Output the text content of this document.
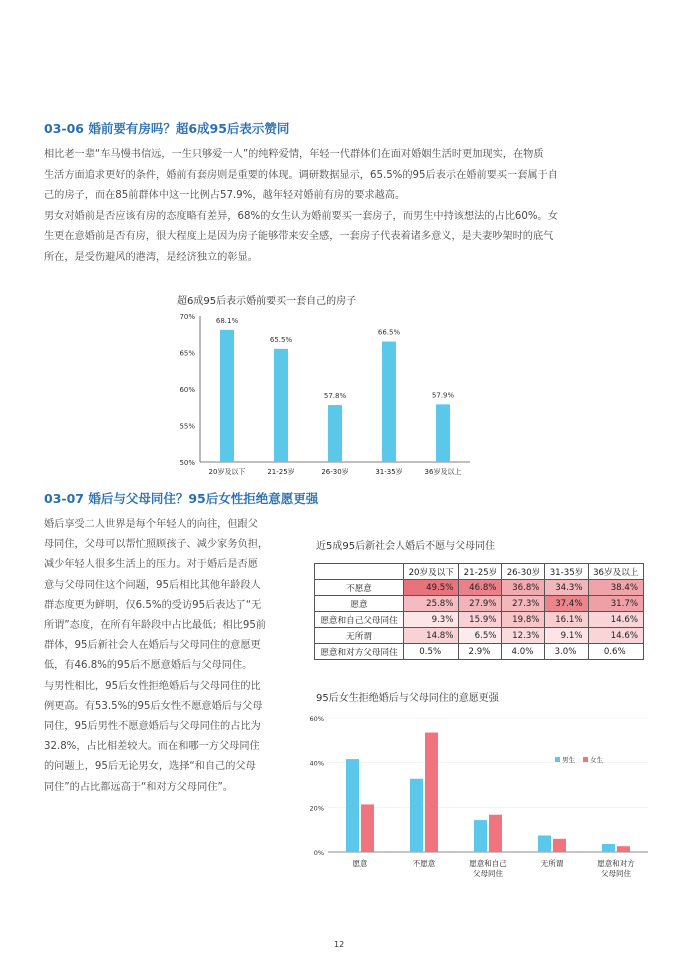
03-06 婚前要有房吗？超6成95后表示赞同

相比老一辈“车马慢书信远，一生只够爱一人”的纯粹爱情，年轻一代群体们在面对婚姻生活时更加现实，在物质

生活方面追求更好的条件，婚前有套房则是重要的体现。调研数据显示，65.5%的95后表示在婚前要买一套属于自

己的房子，而在85前群体中这一比例占57.9%，越年轻对婚前有房的要求越高。

男女对婚前是否应该有房的态度略有差异，68%的女生认为婚前要买一套房子，而男生中持该想法的占比60%。女

生更在意婚前是否有房，很大程度上是因为房子能够带来安全感，一套房子代表着诸多意义，是夫妻吵架时的底气

所在，是受伤避风的港湾，是经济独立的彰显。

超6成95后表示婚前要买一套自己的房子
50%
55%
60%
65%
70%	68.1%
20岁及以下
65.5%
21-25岁
57.8%
26-30岁
66.5%
31-35岁
57.9%
36岁及以上
03-07 婚后与父母同住？95后女性拒绝意愿更强

婚后享受二人世界是每个年轻人的向往，但跟父

母同住，父母可以帮忙照顾孩子、减少家务负担，

减少年轻人很多生活上的压力。对于婚后是否愿

意与父母同住这个问题，95后相比其他年龄段人

群态度更为鲜明，仅6.5%的受访95后表达了“无

所谓”态度，在所有年龄段中占比最低；相比95前

群体，95后新社会人在婚后与父母同住的意愿更

低，有46.8%的95后不愿意婚后与父母同住。

与男性相比，95后女性拒绝婚后与父母同住的比

例更高。有53.5%的95后女性不愿意婚后与父母

同住，95后男性不愿意婚后与父母同住的占比为

32.8%，占比相差较大。而在和哪一方父母同住

的问题上，95后无论男女，选择“和自己的父母

同住”的占比都远高于“和对方父母同住”。

近5成95后新社会人婚后不愿与父母同住
	20岁及以下	21-25岁	26-30岁	31-35岁	36岁及以上
不愿意	49.5%	46.8%	36.8%	34.3%	38.4%
愿意	25.8%	27.9%	27.3%	37.4%	31.7%
愿意和自己父母同住	9.3%	15.9%	19.8%	16.1%	14.6%
无所谓	14.8%	6.5%	12.3%	9.1%	14.6%
愿意和对方父母同住	0.5%	2.9%	4.0%	3.0%	0.6%
95后女生拒绝婚后与父母同住的意愿更强
0%
20%
40%
60%
愿意	不愿意	愿意和自己父母同住
无所谓	愿意和对方父母同住
男生 女生
12
